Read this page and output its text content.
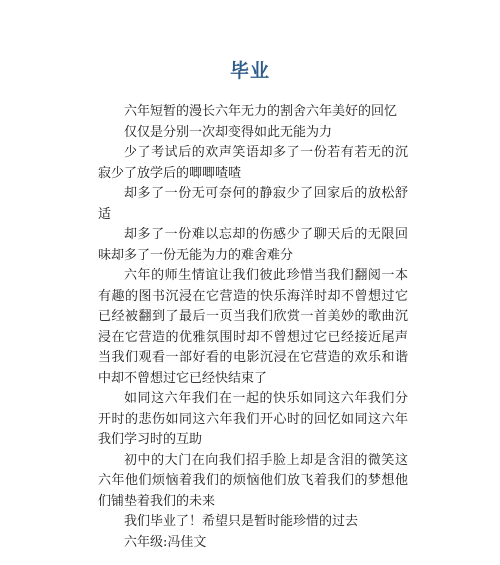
毕业

六年短暂的漫长六年无力的割舍六年美好的回忆

仅仅是分别一次却变得如此无能为力

少了考试后的欢声笑语却多了一份若有若无的沉寂少了放学后的唧唧喳喳

却多了一份无可奈何的静寂少了回家后的放松舒适

却多了一份难以忘却的伤感少了聊天后的无限回味却多了一份无能为力的难舍难分

六年的师生情谊让我们彼此珍惜当我们翻阅一本有趣的图书沉浸在它营造的快乐海洋时却不曾想过它已经被翻到了最后一页当我们欣赏一首美妙的歌曲沉浸在它营造的优雅氛围时却不曾想过它已经接近尾声当我们观看一部好看的电影沉浸在它营造的欢乐和谐中却不曾想过它已经快结束了

如同这六年我们在一起的快乐如同这六年我们分开时的悲伤如同这六年我们开心时的回忆如同这六年我们学习时的互助

初中的大门在向我们招手脸上却是含泪的微笑这六年他们烦恼着我们的烦恼他们放飞着我们的梦想他们铺垫着我们的未来

我们毕业了！希望只是暂时能珍惜的过去

六年级:冯佳文
